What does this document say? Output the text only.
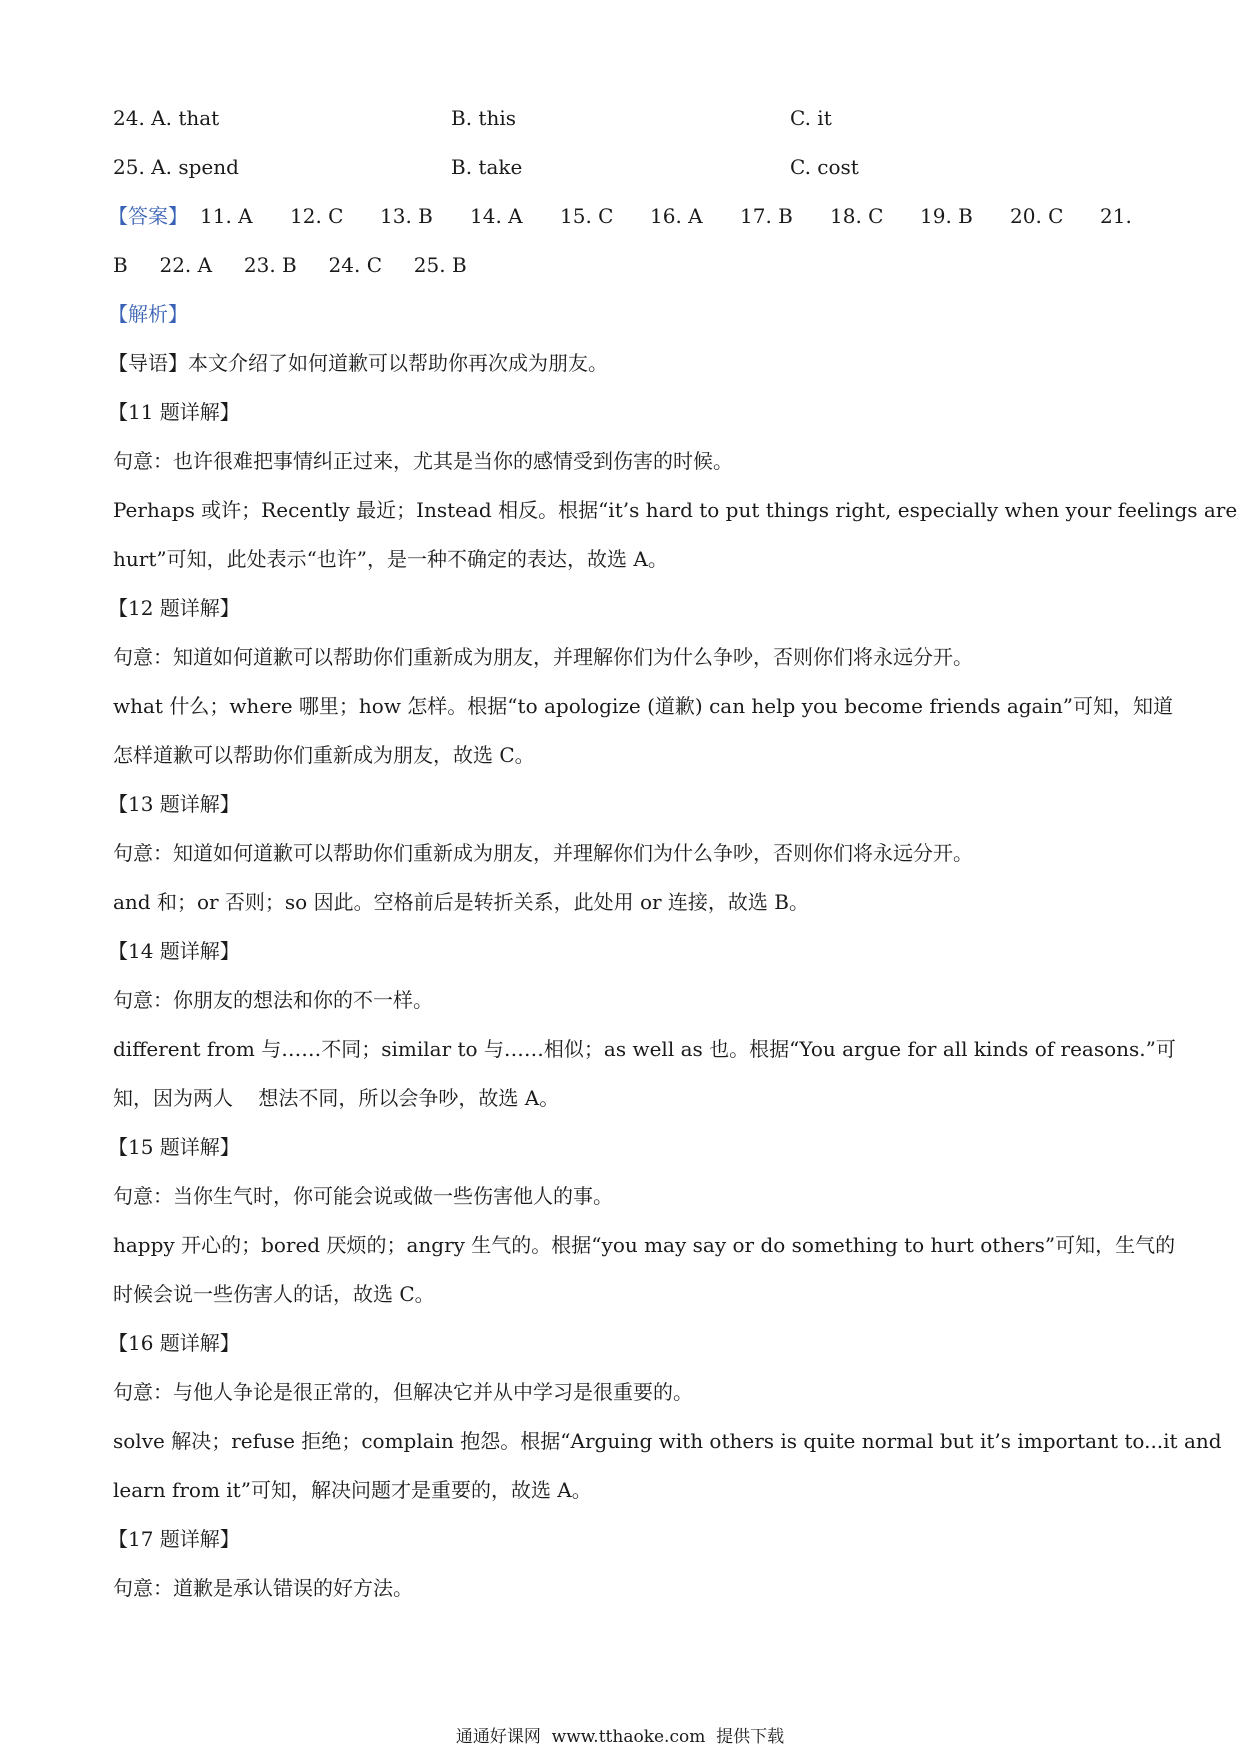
24. A. that	B. this	C. it
25. A. spend	B. take	C. cost
【答案】 11. A 12. C 13. B 14. A 15. C 16. A 17. B 18. C 19. B 20. C 21.
B     22. A     23. B     24. C     25. B
【解析】
【导语】本文介绍了如何道歉可以帮助你再次成为朋友。
【11 题详解】
句意：也许很难把事情纠正过来，尤其是当你的感情受到伤害的时候。
Perhaps 或许；Recently 最近；Instead 相反。根据“it’s hard to put things right, especially when your feelings are
hurt”可知，此处表示“也许”，是一种不确定的表达，故选 A。
【12 题详解】
句意：知道如何道歉可以帮助你们重新成为朋友，并理解你们为什么争吵，否则你们将永远分开。
what 什么；where 哪里；how 怎样。根据“to apologize (道歉) can help you become friends again”可知，知道
怎样道歉可以帮助你们重新成为朋友，故选 C。
【13 题详解】
句意：知道如何道歉可以帮助你们重新成为朋友，并理解你们为什么争吵，否则你们将永远分开。
and 和；or 否则；so 因此。空格前后是转折关系，此处用 or 连接，故选 B。
【14 题详解】
句意：你朋友的想法和你的不一样。
different from 与……不同；similar to 与……相似；as well as 也。根据“You argue for all kinds of reasons.”可
知，因为两人    想法不同，所以会争吵，故选 A。
【15 题详解】
句意：当你生气时，你可能会说或做一些伤害他人的事。
happy 开心的；bored 厌烦的；angry 生气的。根据“you may say or do something to hurt others”可知，生气的
时候会说一些伤害人的话，故选 C。
【16 题详解】
句意：与他人争论是很正常的，但解决它并从中学习是很重要的。
solve 解决；refuse 拒绝；complain 抱怨。根据“Arguing with others is quite normal but it’s important to...it and
learn from it”可知，解决问题才是重要的，故选 A。
【17 题详解】
句意：道歉是承认错误的好方法。
通通好课网  www.tthaoke.com  提供下载
